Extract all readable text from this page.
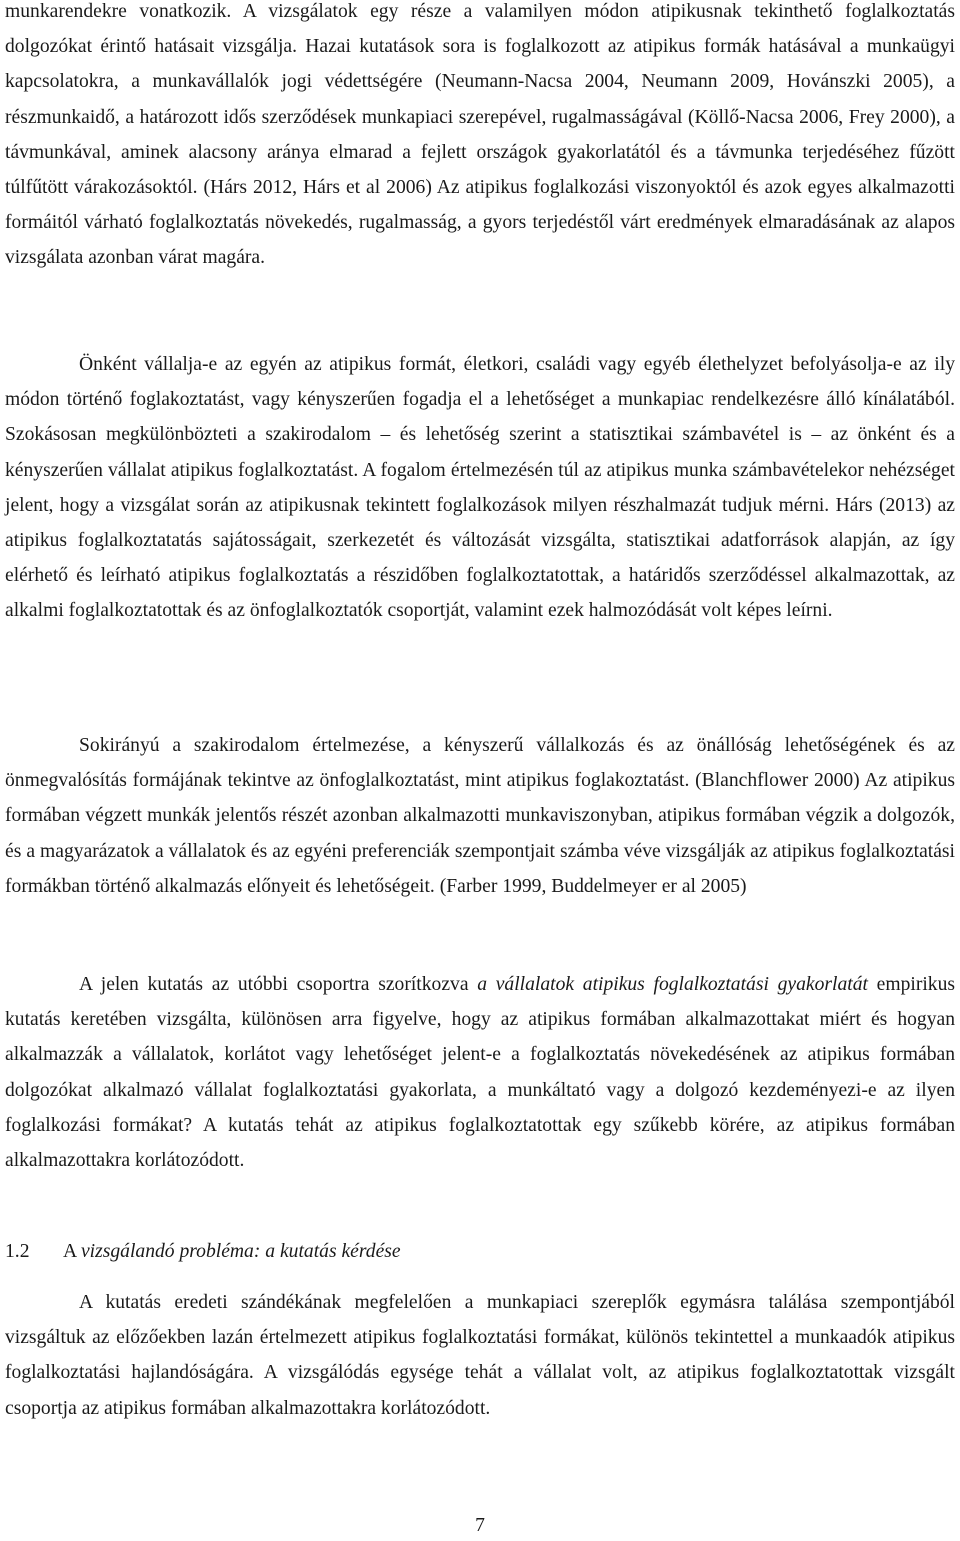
munkarendekre vonatkozik. A vizsgálatok egy része a valamilyen módon atipikusnak tekinthető foglalkoztatás dolgozókat érintő hatásait vizsgálja. Hazai kutatások sora is foglalkozott az atipikus formák hatásával a munkaügyi kapcsolatokra, a munkavállalók jogi védettségére (Neumann-Nacsa 2004, Neumann 2009, Hovánszki 2005), a részmunkaidő, a határozott idős szerződések munkapiaci szerepével, rugalmasságával (Köllő-Nacsa 2006, Frey 2000), a távmunkával, aminek alacsony aránya elmarad a fejlett országok gyakorlatától és a távmunka terjedéséhez fűzött túlfűtött várakozásoktól. (Hárs 2012, Hárs et al 2006) Az atipikus foglalkozási viszonyoktól és azok egyes alkalmazotti formáitól várható foglalkoztatás növekedés, rugalmasság, a gyors terjedéstől várt eredmények elmaradásának az alapos vizsgálata azonban várat magára.

Önként vállalja-e az egyén az atipikus formát, életkori, családi vagy egyéb élethelyzet befolyásolja-e az ily módon történő foglakoztatást, vagy kényszerűen fogadja el a lehetőséget a munkapiac rendelkezésre álló kínálatából. Szokásosan megkülönbözteti a szakirodalom – és lehetőség szerint a statisztikai számbavétel is – az önként és a kényszerűen vállalat atipikus foglalkoztatást. A fogalom értelmezésén túl az atipikus munka számbavételekor nehézséget jelent, hogy a vizsgálat során az atipikusnak tekintett foglalkozások milyen részhalmazát tudjuk mérni. Hárs (2013) az atipikus foglalkoztatatás sajátosságait, szerkezetét és változását vizsgálta, statisztikai adatforrások alapján, az így elérhető és leírható atipikus foglalkoztatás a részidőben foglalkoztatottak, a határidős szerződéssel alkalmazottak, az alkalmi foglalkoztatottak és az önfoglalkoztatók csoportját, valamint ezek halmozódását volt képes leírni.

Sokirányú a szakirodalom értelmezése, a kényszerű vállalkozás és az önállóság lehetőségének és az önmegvalósítás formájának tekintve az önfoglalkoztatást, mint atipikus foglakoztatást. (Blanchflower 2000) Az atipikus formában végzett munkák jelentős részét azonban alkalmazotti munkaviszonyban, atipikus formában végzik a dolgozók, és a magyarázatok a vállalatok és az egyéni preferenciák szempontjait számba véve vizsgálják az atipikus foglalkoztatási formákban történő alkalmazás előnyeit és lehetőségeit. (Farber 1999, Buddelmeyer er al 2005)

A jelen kutatás az utóbbi csoportra szorítkozva a vállalatok atipikus foglalkoztatási gyakorlatát empirikus kutatás keretében vizsgálta, különösen arra figyelve, hogy az atipikus formában alkalmazottakat miért és hogyan alkalmazzák a vállalatok, korlátot vagy lehetőséget jelent-e a foglalkoztatás növekedésének az atipikus formában dolgozókat alkalmazó vállalat foglalkoztatási gyakorlata, a munkáltató vagy a dolgozó kezdeményezi-e az ilyen foglalkozási formákat? A kutatás tehát az atipikus foglalkoztatottak egy szűkebb körére, az atipikus formában alkalmazottakra korlátozódott.

1.2 A vizsgálandó probléma: a kutatás kérdése

A kutatás eredeti szándékának megfelelően a munkapiaci szereplők egymásra találása szempontjából vizsgáltuk az előzőekben lazán értelmezett atipikus foglalkoztatási formákat, különös tekintettel a munkaadók atipikus foglalkoztatási hajlandóságára. A vizsgálódás egysége tehát a vállalat volt, az atipikus foglalkoztatottak vizsgált csoportja az atipikus formában alkalmazottakra korlátozódott.

7
